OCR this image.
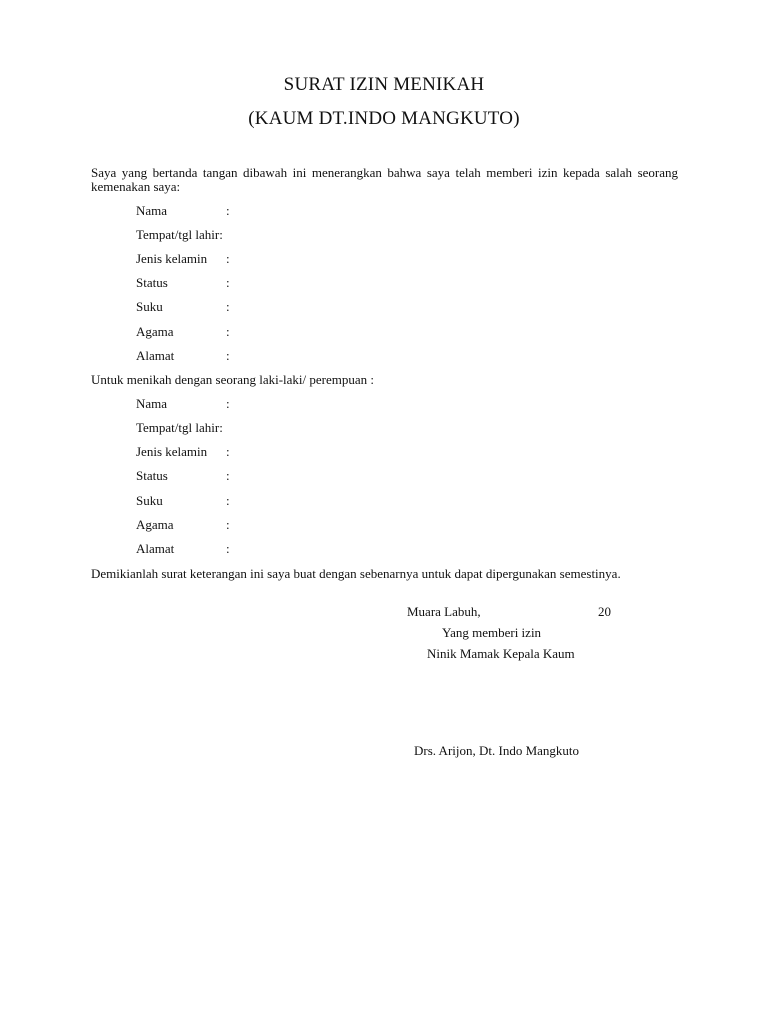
SURAT IZIN MENIKAH
(KAUM DT.INDO MANGKUTO)
Saya yang bertanda tangan dibawah ini menerangkan bahwa saya telah memberi izin kepada salah seorang kemenakan saya:
Nama	:
Tempat/tgl lahir:
Jenis kelamin :
Status	:
Suku	:
Agama	:
Alamat	:
Untuk menikah dengan seorang laki-laki/ perempuan :
Nama	:
Tempat/tgl lahir:
Jenis kelamin :
Status	:
Suku	:
Agama	:
Alamat	:
Demikianlah surat keterangan ini saya buat dengan sebenarnya untuk dapat dipergunakan semestinya.
Muara Labuh,	20
Yang memberi izin
Ninik Mamak Kepala Kaum
Drs. Arijon, Dt. Indo Mangkuto
